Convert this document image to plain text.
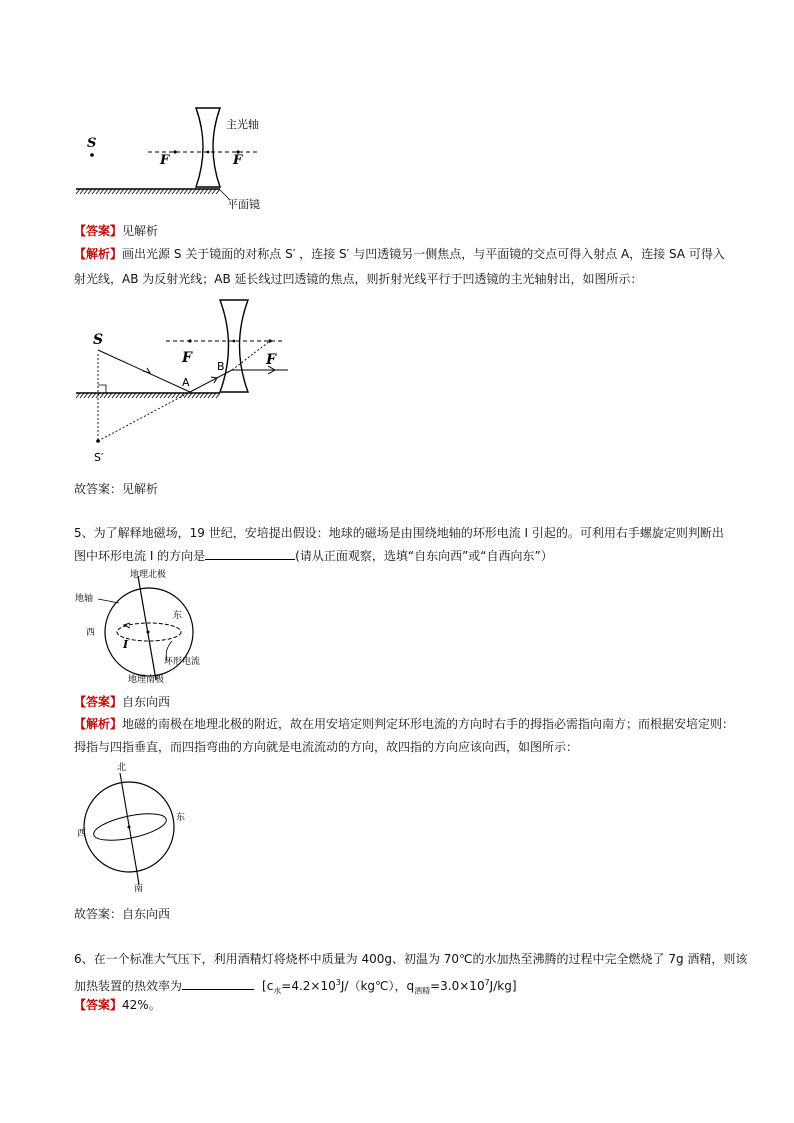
S
F	F
主光轴
平面镜
【答案】见解析
【解析】画出光源 S 关于镜面的对称点 S′ ，连接 S′ 与凹透镜另一侧焦点，与平面镜的交点可得入射点 A，连接 SA 可得入
射光线，AB 为反射光线；AB 延长线过凹透镜的焦点，则折射光线平行于凹透镜的主光轴射出，如图所示：
S
F	F
A
B
S′
故答案：见解析
5、为了解释地磁场，19 世纪，安培提出假设：地球的磁场是由围绕地轴的环形电流 I 引起的。可利用右手螺旋定则判断出
图中环形电流 I 的方向是	(请从正面观察，选填“自东向西”或“自西向东”）
地理北极
地轴
东
西
I
环形电流
地理南极
【答案】自东向西
【解析】地磁的南极在地理北极的附近，故在用安培定则判定环形电流的方向时右手的拇指必需指向南方；而根据安培定则：
拇指与四指垂直，而四指弯曲的方向就是电流流动的方向，故四指的方向应该向西，如图所示：
北
东
西
南
故答案：自东向西
6、在一个标准大气压下，利用酒精灯将烧杯中质量为 400g、初温为 70℃的水加热至沸腾的过程中完全燃烧了 7g 酒精，则该
加热装置的热效率为	[$c_水=4.2\times 10^3J/(kg℃)$，$q_{酒精}=3.0\times 10^7J/kg$]
【答案】42%。
